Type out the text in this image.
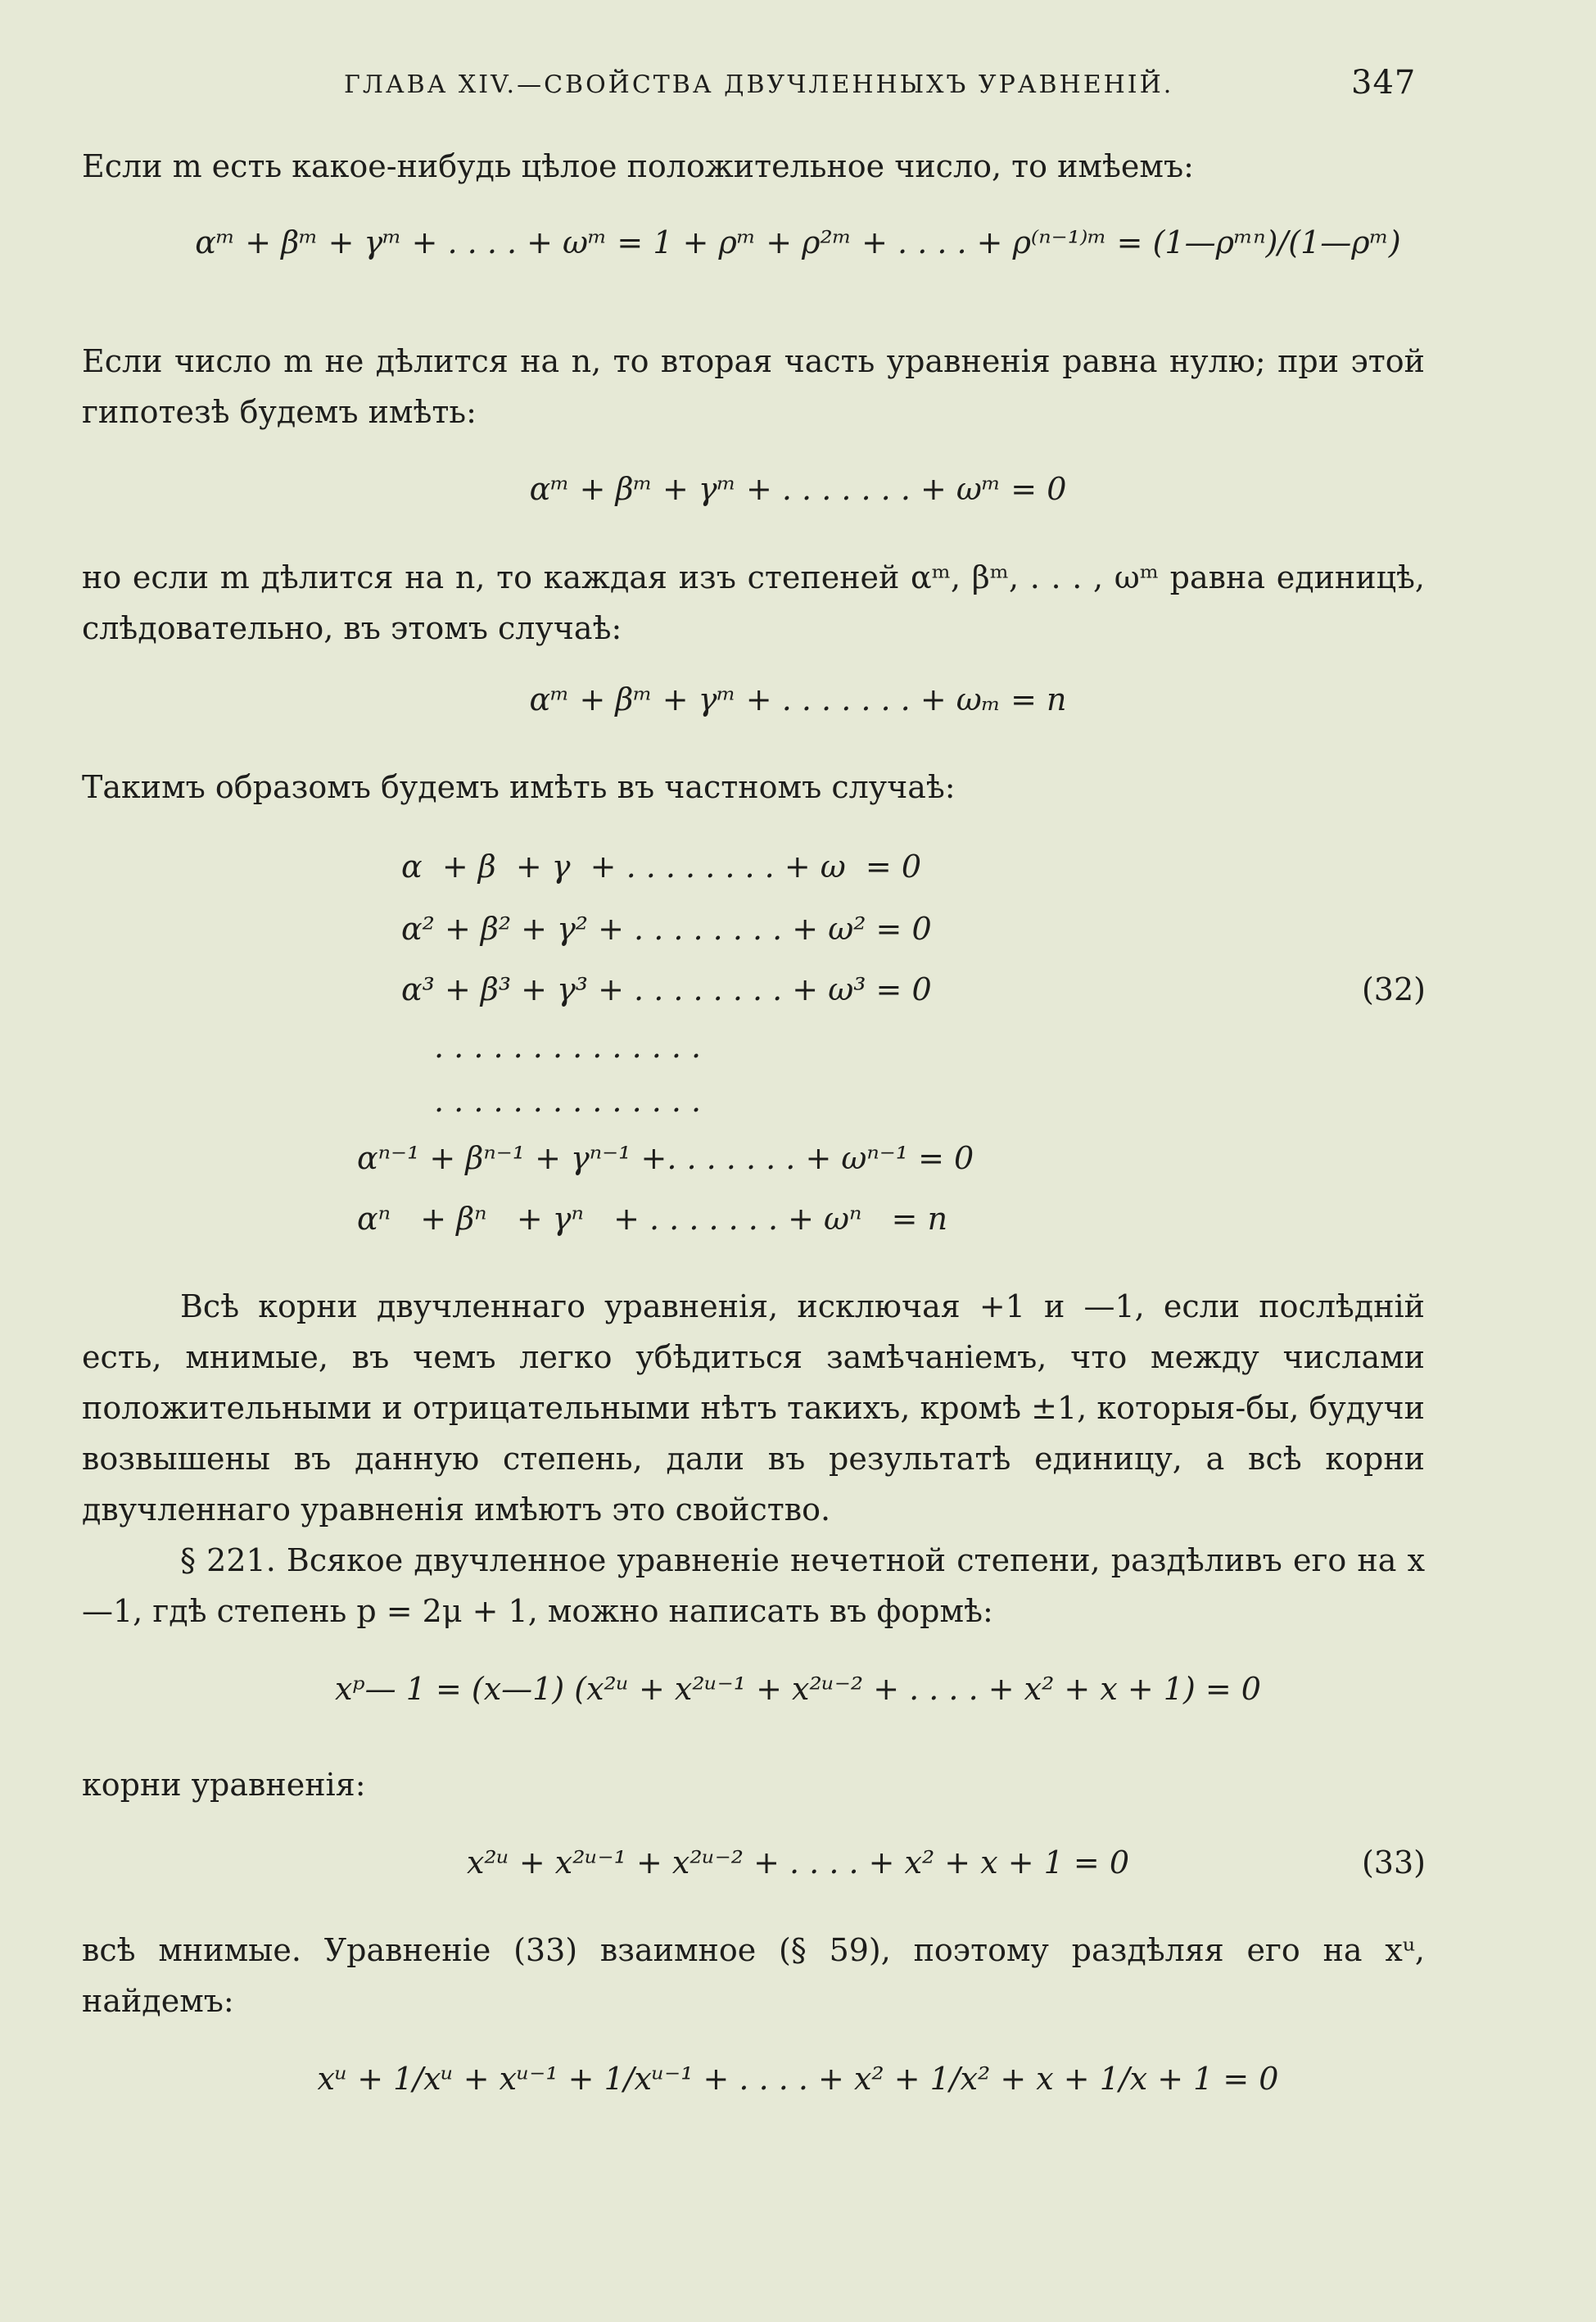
ГЛАВА XIV.—СВОЙСТВА ДВУЧЛЕННЫХЪ УРАВНЕНIЙ.	347
Если m есть какое-нибудь цѣлое положительное число, то имѣемъ:
αᵐ + βᵐ + γᵐ + . . . . + ωᵐ = 1 + ρᵐ + ρ²ᵐ + . . . . + ρ⁽ⁿ⁻¹⁾ᵐ = (1—ρᵐⁿ)/(1—ρᵐ)
Если число m не дѣлится на n, то вторая часть уравненiя равна нулю; при этой гипотезѣ будемъ имѣть:
αᵐ + βᵐ + γᵐ + . . . . . . . + ωᵐ = 0
но если m дѣлится на n, то каждая изъ степеней αᵐ, βᵐ, . . . , ωᵐ равна единицѣ, слѣдовательно, въ этомъ случаѣ:
αᵐ + βᵐ + γᵐ + . . . . . . . + ωₘ = n
Такимъ образомъ будемъ имѣть въ частномъ случаѣ:
α  + β  + γ  + . . . . . . . . + ω  = 0
α² + β² + γ² + . . . . . . . . + ω² = 0
α³ + β³ + γ³ + . . . . . . . . + ω³ = 0
. . . . . . . . . . . . . .
. . . . . . . . . . . . . .
αⁿ⁻¹ + βⁿ⁻¹ + γⁿ⁻¹ +. . . . . . . + ωⁿ⁻¹ = 0
αⁿ   + βⁿ   + γⁿ   + . . . . . . . + ωⁿ   = n
(32)
Всѣ корни двучленнаго уравненiя, исключая +1 и —1, если послѣднiй есть, мнимые, въ чемъ легко убѣдиться замѣчанiемъ, что между числами положительными и отрицательными нѣтъ такихъ, кромѣ ±1, которыя-бы, будучи возвышены въ данную степень, дали въ результатѣ единицу, а всѣ корни двучленнаго уравненiя имѣютъ это свойство.
§ 221. Всякое двучленное уравненiе нечетной степени, раздѣливъ его на x—1, гдѣ степень p = 2μ + 1, можно написать въ формѣ:
xᵖ— 1 = (x—1) (x²ᵘ + x²ᵘ⁻¹ + x²ᵘ⁻² + . . . . + x² + x + 1) = 0
корни уравненiя:
x²ᵘ + x²ᵘ⁻¹ + x²ᵘ⁻² + . . . . + x² + x + 1 = 0	(33)
всѣ мнимые. Уравненiе (33) взаимное (§ 59), поэтому раздѣляя его на xᵘ, найдемъ:
xᵘ + 1/xᵘ + xᵘ⁻¹ + 1/xᵘ⁻¹ + . . . . + x² + 1/x² + x + 1/x + 1 = 0
